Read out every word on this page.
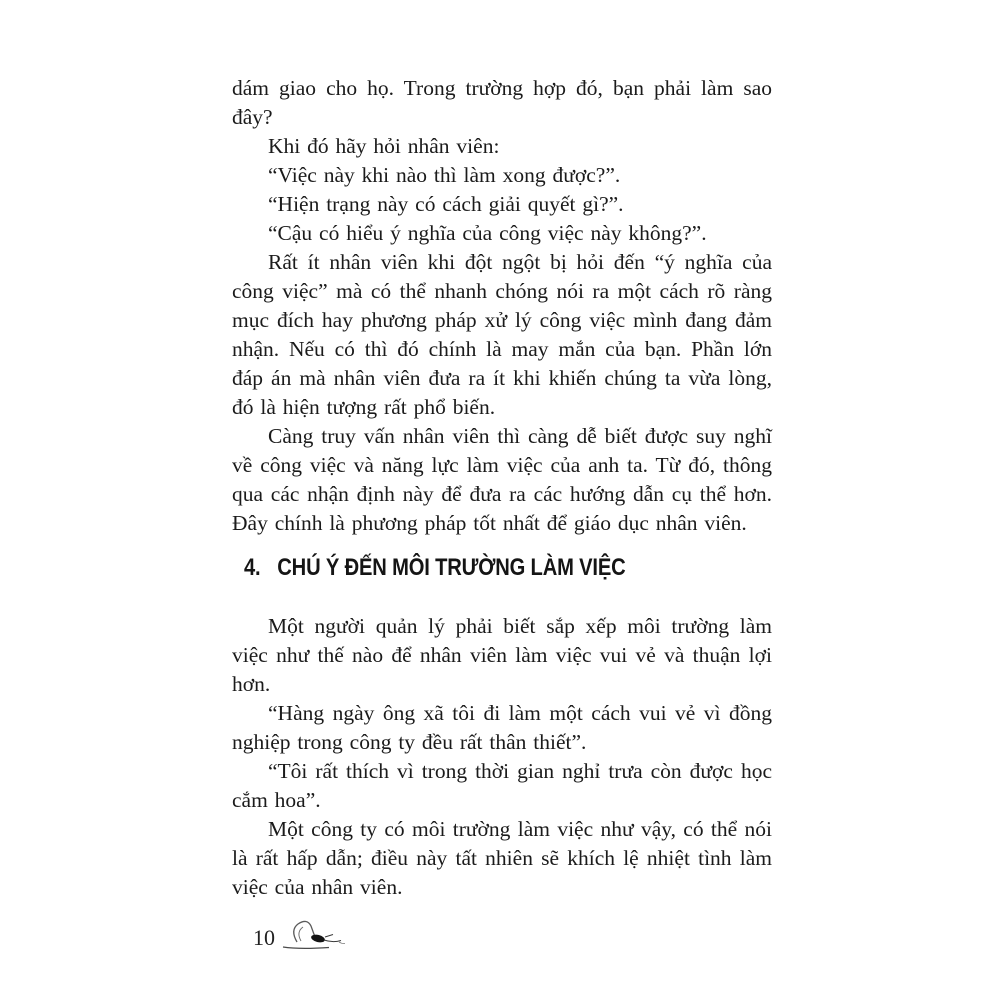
dám giao cho họ. Trong trường hợp đó, bạn phải làm sao đây?

Khi đó hãy hỏi nhân viên:

“Việc này khi nào thì làm xong được?”.

“Hiện trạng này có cách giải quyết gì?”.

“Cậu có hiểu ý nghĩa của công việc này không?”.

Rất ít nhân viên khi đột ngột bị hỏi đến “ý nghĩa của công việc” mà có thể nhanh chóng nói ra một cách rõ ràng mục đích hay phương pháp xử lý công việc mình đang đảm nhận. Nếu có thì đó chính là may mắn của bạn. Phần lớn đáp án mà nhân viên đưa ra ít khi khiến chúng ta vừa lòng, đó là hiện tượng rất phổ biến.

Càng truy vấn nhân viên thì càng dễ biết được suy nghĩ về công việc và năng lực làm việc của anh ta. Từ đó, thông qua các nhận định này để đưa ra các hướng dẫn cụ thể hơn. Đây chính là phương pháp tốt nhất để giáo dục nhân viên.

4. CHÚ Ý ĐẾN MÔI TRƯỜNG LÀM VIỆC

Một người quản lý phải biết sắp xếp môi trường làm việc như thế nào để nhân viên làm việc vui vẻ và thuận lợi hơn.

“Hàng ngày ông xã tôi đi làm một cách vui vẻ vì đồng nghiệp trong công ty đều rất thân thiết”.

“Tôi rất thích vì trong thời gian nghỉ trưa còn được học cắm hoa”.

Một công ty có môi trường làm việc như vậy, có thể nói là rất hấp dẫn; điều này tất nhiên sẽ khích lệ nhiệt tình làm việc của nhân viên.

10
